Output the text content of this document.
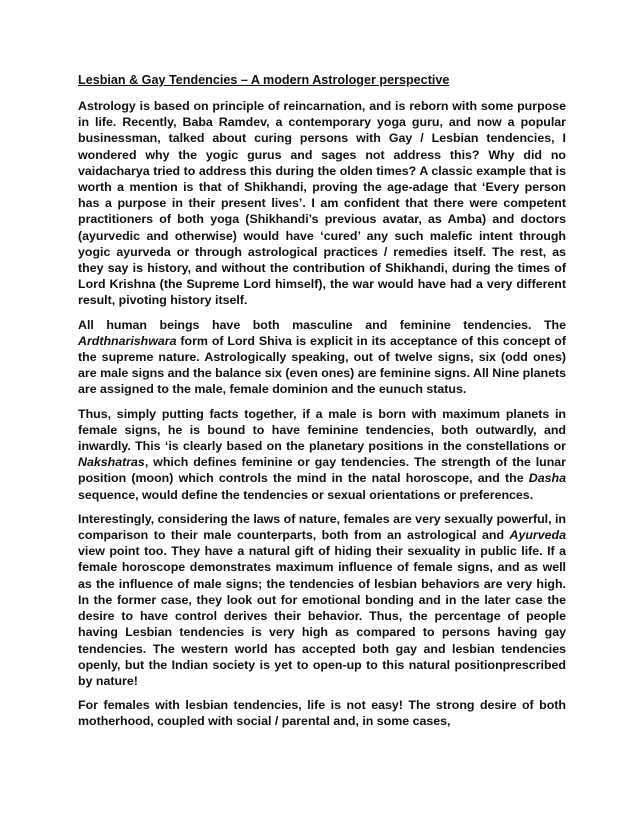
Lesbian & Gay Tendencies – A modern Astrologer perspective

Astrology is based on principle of reincarnation, and is reborn with some purpose in life. Recently, Baba Ramdev, a contemporary yoga guru, and now a popular businessman, talked about curing persons with Gay / Lesbian tendencies, I wondered why the yogic gurus and sages not address this? Why did no vaidacharya tried to address this during the olden times? A classic example that is worth a mention is that of Shikhandi, proving the age-adage that ‘Every person has a purpose in their present lives’. I am confident that there were competent practitioners of both yoga (Shikhandi’s previous avatar, as Amba) and doctors (ayurvedic and otherwise) would have ‘cured’ any such malefic intent through yogic ayurveda or through astrological practices / remedies itself. The rest, as they say is history, and without the contribution of Shikhandi, during the times of Lord Krishna (the Supreme Lord himself), the war would have had a very different result, pivoting history itself.

All human beings have both masculine and feminine tendencies. The Ardthnarishwara form of Lord Shiva is explicit in its acceptance of this concept of the supreme nature. Astrologically speaking, out of twelve signs, six (odd ones) are male signs and the balance six (even ones) are feminine signs. All Nine planets are assigned to the male, female dominion and the eunuch status.

Thus, simply putting facts together, if a male is born with maximum planets in female signs, he is bound to have feminine tendencies, both outwardly, and inwardly. This ‘is clearly based on the planetary positions in the constellations or Nakshatras, which defines feminine or gay tendencies. The strength of the lunar position (moon) which controls the mind in the natal horoscope, and the Dasha sequence, would define the tendencies or sexual orientations or preferences.

Interestingly, considering the laws of nature, females are very sexually powerful, in comparison to their male counterparts, both from an astrological and Ayurveda view point too. They have a natural gift of hiding their sexuality in public life. If a female horoscope demonstrates maximum influence of female signs, and as well as the influence of male signs; the tendencies of lesbian behaviors are very high. In the former case, they look out for emotional bonding and in the later case the desire to have control derives their behavior. Thus, the percentage of people having Lesbian tendencies is very high as compared to persons having gay tendencies. The western world has accepted both gay and lesbian tendencies openly, but the Indian society is yet to open-up to this natural positionprescribed by nature!

For females with lesbian tendencies, life is not easy! The strong desire of both motherhood, coupled with social / parental and, in some cases,
